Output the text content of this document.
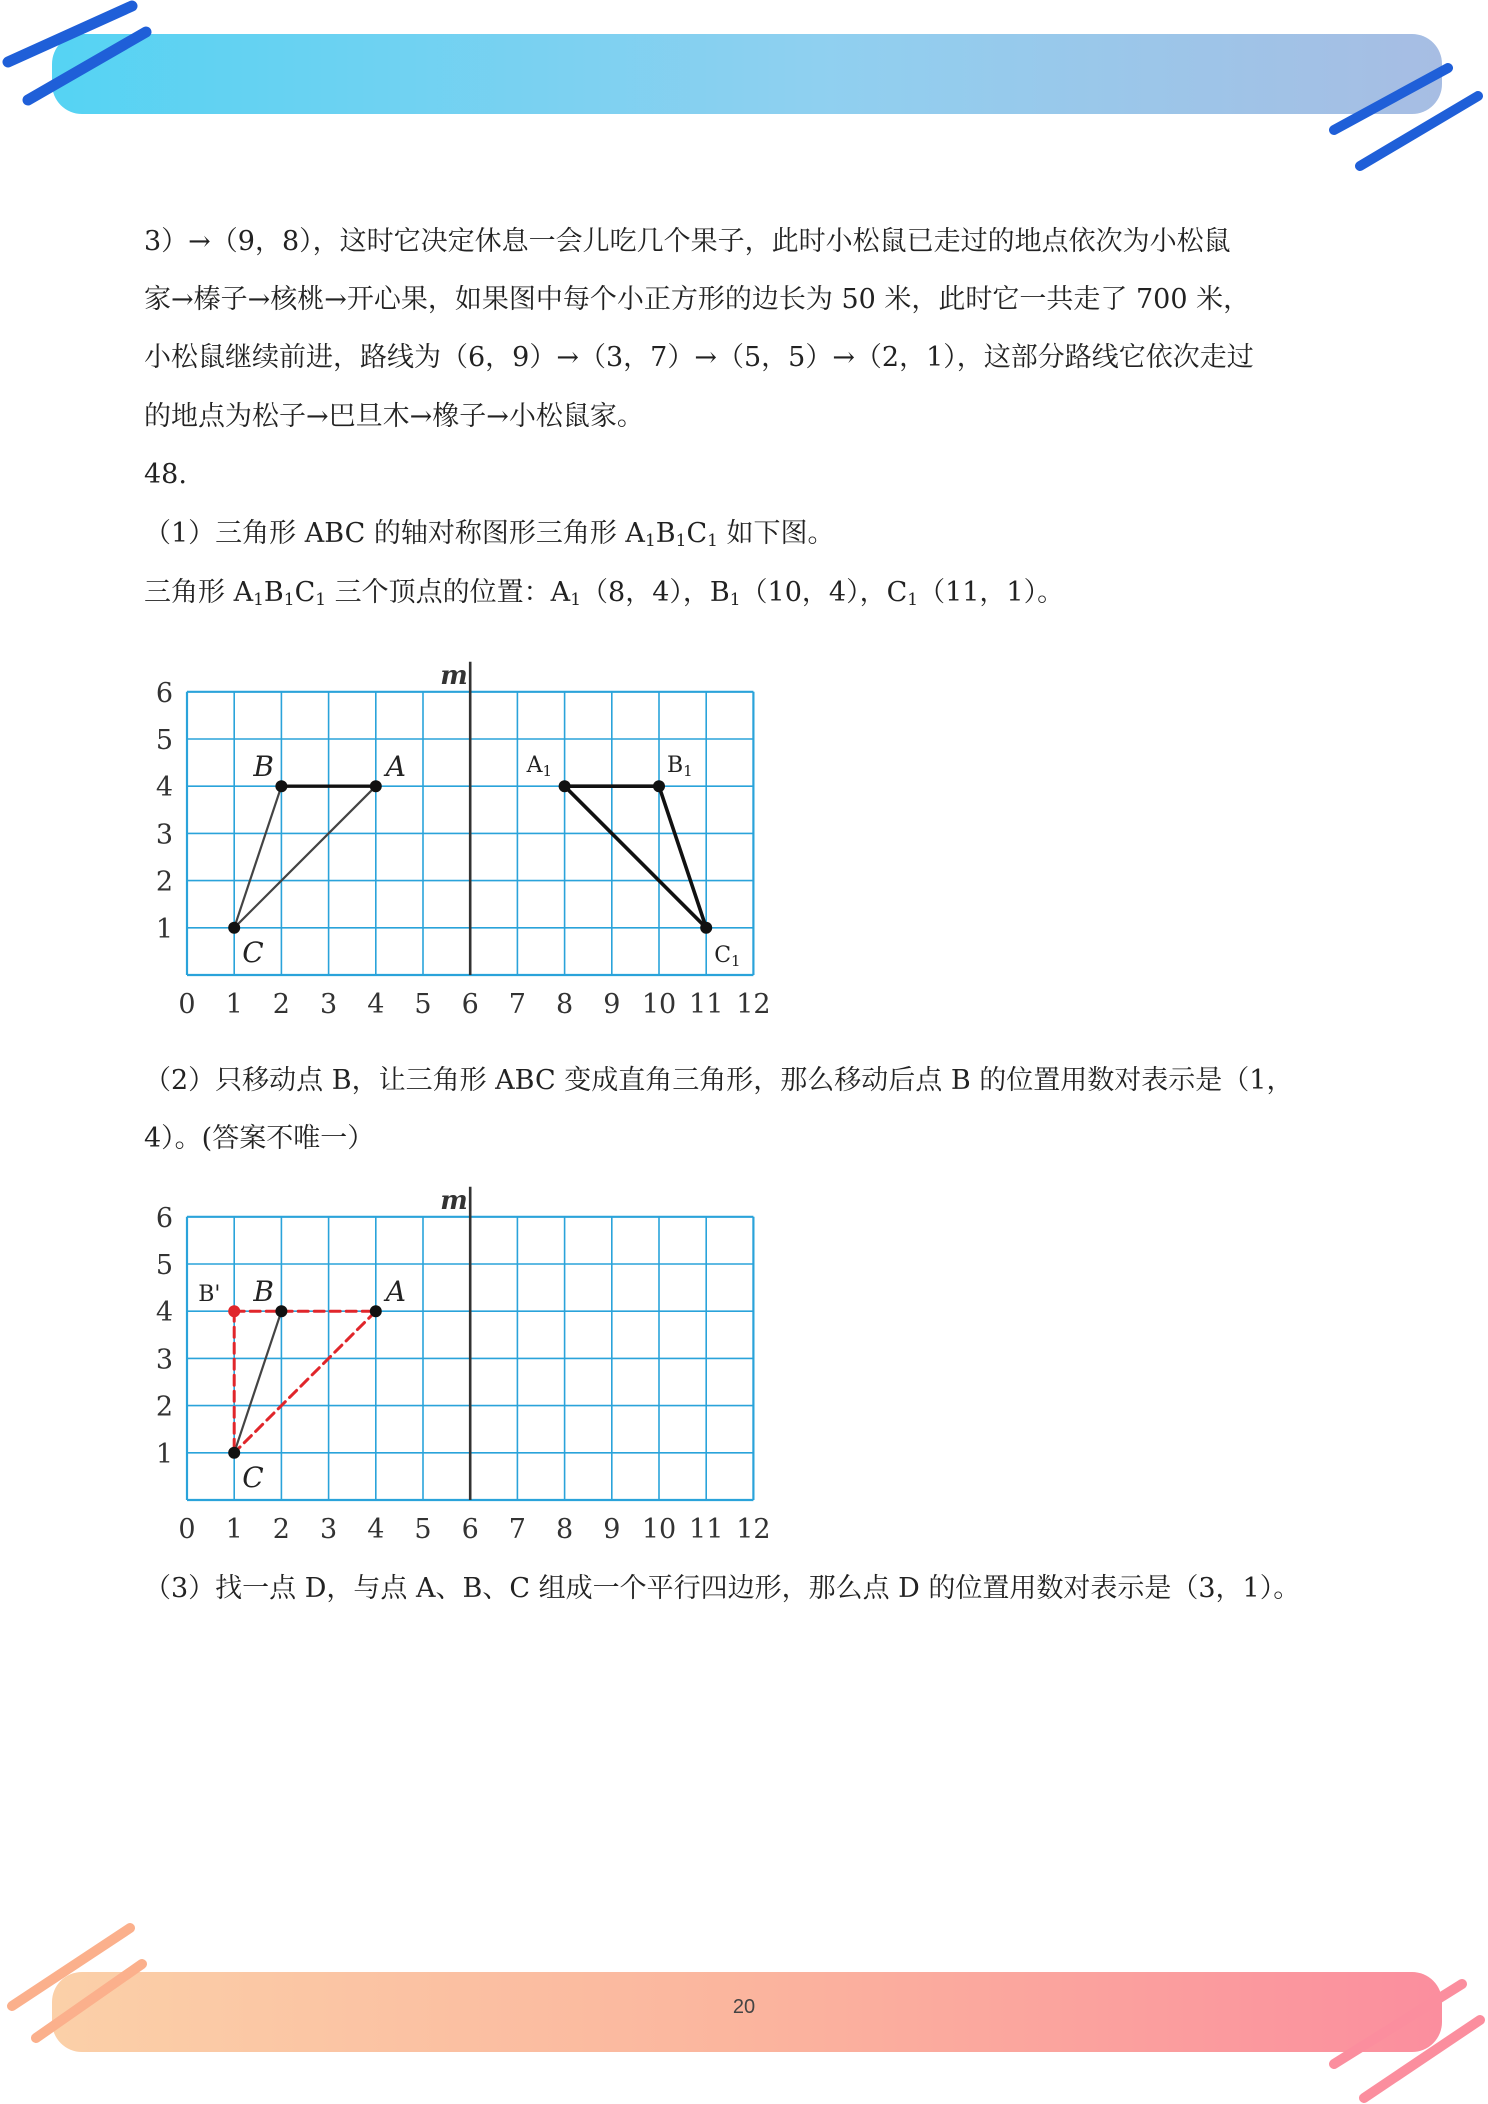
3）→（9，8），这时它决定休息一会儿吃几个果子，此时小松鼠已走过的地点依次为小松鼠
家→榛子→核桃→开心果，如果图中每个小正方形的边长为 50 米，此时它一共走了 700 米，
小松鼠继续前进，路线为（6，9）→（3，7）→（5，5）→（2，1），这部分路线它依次走过
的地点为松子→巴旦木→橡子→小松鼠家。
48.
（1）三角形 ABC 的轴对称图形三角形 $A_1B_1C_1$ 如下图。
三角形 $A_1B_1C_1$ 三个顶点的位置：$A_1(8$，4），$B_1(10$，4），$C_1(11$，1）。
m
0 1 2 3 4 5 6 7 8 9 10 11 12
1
2
3
4
5
6
A
B
C
A1	B1
C1
（2）只移动点 B，让三角形 ABC 变成直角三角形，那么移动后点 B 的位置用数对表示是（1，
4）。(答案不唯一）
m
0 1 2 3 4 5 6 7 8 9 10 11 12
1
2
3
4
5
6
A
B
C
B'
（3）找一点 D，与点 A、B、C 组成一个平行四边形，那么点 D 的位置用数对表示是（3，1）。
20
